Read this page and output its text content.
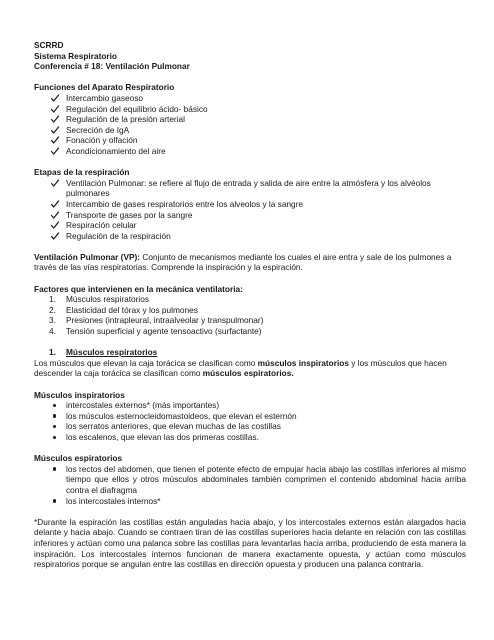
SCRRD
Sistema Respiratorio
Conferencia # 18: Ventilación Pulmonar
Funciones del Aparato Respiratorio
Intercambio gaseoso
Regulación del equilibrio ácido- básico
Regulación de la presión arterial
Secreción de IgA
Fonación y olfación
Acondicionamiento del aire
Etapas de la respiración
Ventilación Pulmonar: se refiere al flujo de entrada y salida de aire entre la atmósfera y los alvéolos pulmonares
Intercambio de gases respiratorios entre los alveolos y la sangre
Transporte de gases por la sangre
Respiración celular
Regulación de la respiración
Ventilación Pulmonar (VP): Conjunto de mecanismos mediante los cuales el aire entra y sale de los pulmones a través de las vías respiratorias. Comprende la inspiración y la espiración.
Factores que intervienen en la mecánica ventilatoria:
1. Músculos respiratorios
2. Elasticidad del tórax y los pulmones
3. Presiones (intrapleural, intraalveolar y transpulmonar)
4. Tensión superficial y agente tensoactivo (surfactante)
1. Músculos respiratorios
Los músculos que elevan la caja torácica se clasifican como músculos inspiratorios y los músculos que hacen descender la caja torácica se clasifican como músculos espiratorios.
Músculos inspiratorios
intercostales externos* (más importantes)
los músculos esternocleidomastoideos, que elevan el esternón
los serratos anteriores, que elevan muchas de las costillas
los escalenos, que elevan las dos primeras costillas.
Músculos espiratorios
los rectos del abdomen, que tienen el potente efecto de empujar hacia abajo las costillas inferiores al mismo tiempo que ellos y otros músculos abdominales también comprimen el contenido abdominal hacia arriba contra el diafragma
los intercostales internos*
*Durante la espiración las costillas están anguladas hacia abajo, y los intercostales externos están alargados hacia delante y hacia abajo. Cuando se contraen tiran de las costillas superiores hacia delante en relación con las costillas inferiores y actúan como una palanca sobre las costillas para levantarlas hacia arriba, produciendo de esta manera la inspiración. Los intercostales internos funcionan de manera exactamente opuesta, y actúan como músculos respiratorios porque se angulan entre las costillas en dirección opuesta y producen una palanca contraria.
